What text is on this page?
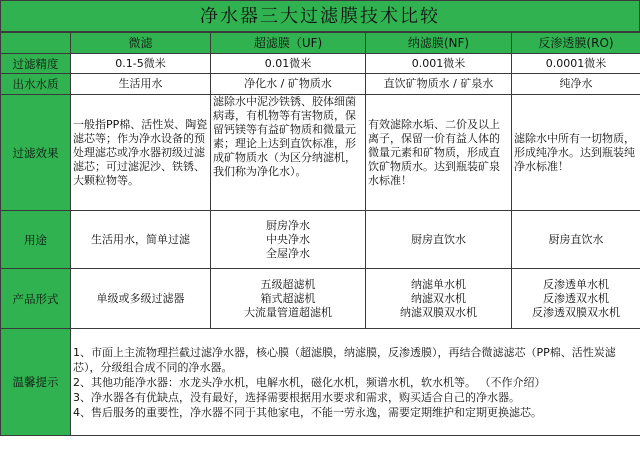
净水器三大过滤膜技术比较
	微滤	超滤膜（UF)	纳滤膜(NF)	反渗透膜(RO)
过滤精度	0.1-5微米	0.01微米	0.001微米	0.0001微米
出水水质	生活用水	净化水 / 矿物质水	直饮矿物质水 / 矿泉水	纯净水
过滤效果	一般指PP棉、活性炭、陶瓷滤芯等；作为净水设备的预处理滤芯或净水器初级过滤滤芯；可过滤泥沙、铁锈、大颗粒物等。	滤除水中泥沙铁锈、胶体细菌病毒，有机物等有害物质，保留钙镁等有益矿物质和微量元素；理论上达到直饮标准，形成矿物质水（为区分纳滤机，我们称为净化水）。	有效滤除水垢、二价及以上离子，保留一价有益人体的微量元素和矿物质，形成直饮矿物质水。达到瓶装矿泉水标准！	滤除水中所有一切物质，形成纯净水。达到瓶装纯净水标准！
用途	生活用水，简单过滤	厨房净水
中央净水
全屋净水	厨房直饮水	厨房直饮水

产品形式	单级或多级过滤器	五级超滤机
箱式超滤机
大流量管道超滤机	纳滤单水机
纳滤双水机
纳滤双膜双水机	反渗透单水机
反渗透双水机
反渗透双膜双水机

温馨提示	1、市面上主流物理拦截过滤净水器，核心膜（超滤膜，纳滤膜，反渗透膜），再结合微滤滤芯（PP棉、活性炭滤芯），分级组合成不同的净水器。
2、其他功能净水器：水龙头净水机，电解水机，磁化水机，频谱水机，软水机等。 （不作介绍）
3、净水器各有优缺点，没有最好，选择需要根据用水要求和需求，购买适合自己的净水器。
4、售后服务的重要性，净水器不同于其他家电，不能一劳永逸，需要定期维护和定期更换滤芯。			
